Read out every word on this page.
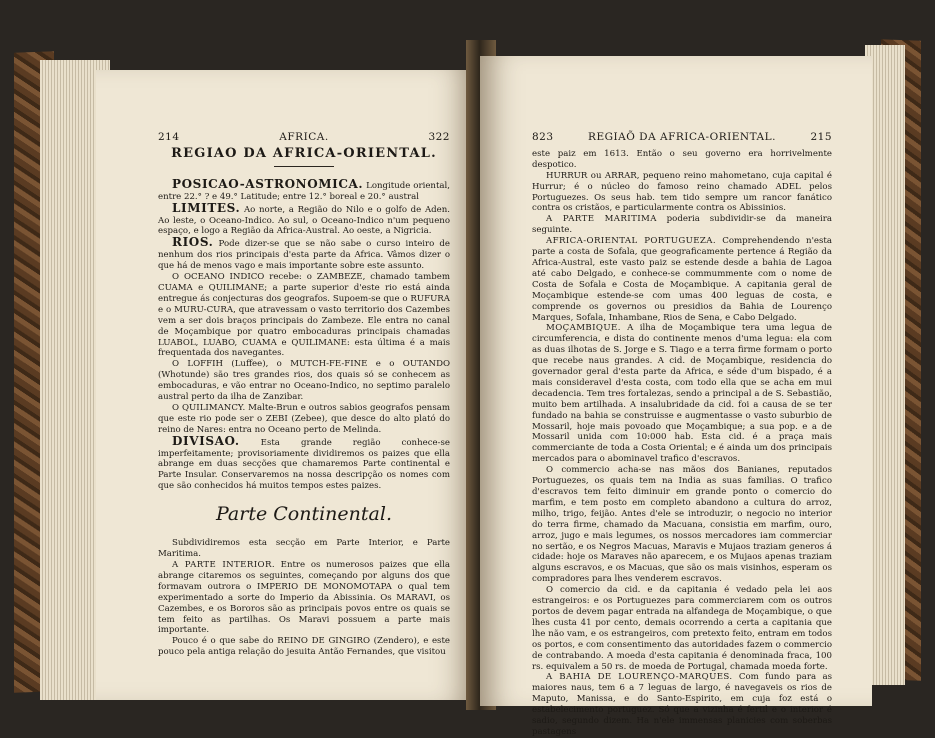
214	AFRICA.	322
REGIAO DA AFRICA-ORIENTAL.

POSICAO-ASTRONOMICA. Longitude oriental, entre 22.° ? e 49.° Latitude; entre 12.° boreal e 20.° austral

LIMITES. Ao norte, a Região do Nilo e o golfo de Aden. Ao leste, o Oceano-Indico. Ao sul, o Oceano-Indico n'um pequeno espaço, e logo a Região da Africa-Austral. Ao oeste, a Nigricia.

RIOS. Pode dizer-se que se não sabe o curso inteiro de nenhum dos rios principais d'esta parte da Africa. Vâmos dizer o que há de menos vago e mais importante sobre este assunto.

O OCEANO INDICO recebe: o ZAMBEZE, chamado tambem CUAMA e QUILIMANE; a parte superior d'este rio está ainda entregue ás conjecturas dos geografos. Supoem-se que o RUFURA e o MURU-CURA, que atravessam o vasto territorio dos Cazembes vem a ser dois braços principais do Zambeze. Ele entra no canal de Moçambique por quatro embocaduras principais chamadas LUABOL, LUABO, CUAMA e QUILIMANE: esta última é a mais frequentada dos navegantes.

O LOFFIH (Luffee), o MUTCH-FE-FINE e o OUTANDO (Whotunde) são tres grandes rios, dos quais só se conhecem as embocaduras, e vão entrar no Oceano-Indico, no septimo paralelo austral perto da ilha de Zanzibar.

O QUILIMANCY. Malte-Brun e outros sabios geografos pensam que este rio pode ser o ZEBI (Zebee), que desce do alto plató do reino de Nares: entra no Oceano perto de Melinda.

DIVISAO. Esta grande região conhece-se imperfeitamente; provisoriamente dividiremos os paizes que ella abrange em duas secções que chamaremos Parte continental e Parte Insular. Conservaremos na nossa descripção os nomes com que são conhecidos há muitos tempos estes paizes.

Parte Continental.

Subdividiremos esta secção em Parte Interior, e Parte Maritima.

A PARTE INTERIOR. Entre os numerosos paizes que ella abrange citaremos os seguintes, começando por alguns dos que formavam outrora o IMPERIO DE MONOMOTAPA o qual tem experimentado a sorte do Imperio da Abissinia. Os MARAVI, os Cazembes, e os Bororos são as principais povos entre os quais se tem feito as partilhas. Os Maravi possuem a parte mais importante.

Pouco é o que sabe do REINO DE GINGIRO (Zendero), e este pouco pela antiga relação do jesuita Antão Fernandes, que visitou

823	REGIAÕ DA AFRICA-ORIENTAL.	215

este paiz em 1613. Então o seu governo era horrivelmente despotico.

HURRUR ou ARRAR, pequeno reino mahometano, cuja capital é Hurrur; é o núcleo do famoso reino chamado ADEL pelos Portuguezes. Os seus hab. tem tido sempre um rancor fanático contra os cristãos, e particularmente contra os Abissinios.

A PARTE MARITIMA poderia subdividir-se da maneira seguinte.

AFRICA-ORIENTAL PORTUGUEZA. Comprehendendo n'esta parte a costa de Sofala, que geograficamente pertence á Região da Africa-Austral, este vasto paiz se estende desde a bahia de Lagoa até cabo Delgado, e conhece-se commummente com o nome de Costa de Sofala e Costa de Moçambique. A capitania geral de Moçambique estende-se com umas 400 leguas de costa, e comprende os governos ou presidios da Bahia de Lourenço Marques, Sofala, Inhambane, Rios de Sena, e Cabo Delgado.

MOÇAMBIQUE. A ilha de Moçambique tera uma legua de circumferencia, e dista do continente menos d'uma legua: ela com as duas ilhotas de S. Jorge e S. Tiago e a terra firme formam o porto que recebe naus grandes. A cid. de Moçambique, residencia do governador geral d'esta parte da Africa, e séde d'um bispado, é a mais consideravel d'esta costa, com todo ella que se acha em mui decadencia. Tem tres fortalezas, sendo a principal a de S. Sebastião, muito bem artilhada. A insalubridade da cid. foi a causa de se ter fundado na bahia se construisse e augmentasse o vasto suburbio de Mossaril, hoje mais povoado que Moçambique; a sua pop. e a de Mossaril unida com 10:000 hab. Esta cid. é a praça mais commerciante de toda a Costa Oriental; e é ainda um dos principais mercados para o abominavel trafico d'escravos.

O commercio acha-se nas mãos dos Banianes, reputados Portuguezes, os quais tem na India as suas familias. O trafico d'escravos tem feito diminuir em grande ponto o comercio do marfim, e tem posto em completo abandono a cultura do arroz, milho, trigo, feijão. Antes d'ele se introduzir, o negocio no interior do terra firme, chamado da Macuana, consistia em marfim, ouro, arroz, jugo e mais legumes, os nossos mercadores iam commerciar no sertão, e os Negros Macuas, Maravis e Mujaos traziam generos á cidade: hoje os Maraves não aparecem, e os Mujaos apenas traziam alguns escravos, e os Macuas, que são os mais visinhos, esperam os compradores para lhes venderem escravos.

O comercio da cid. e da capitania é vedado pela lei aos estrangeiros: e os Portuguezes para commerciarem com os outros portos de devem pagar entrada na alfandega de Moçambique, o que lhes custa 41 por cento, demais ocorrendo a certa a capitania que lhe não vam, e os estrangeiros, com pretexto feito, entram em todos os portos, e com consentimento das autoridades fazem o commercio de contrabando. A moeda d'esta capitania é denominada fraca, 100 rs. equivalem a 50 rs. de moeda de Portugal, chamada moeda forte.

A BAHIA DE LOURENÇO-MARQUES. Com fundo para as maiores naus, tem 6 a 7 leguas de largo, é navegaveis os rios de Maputo, Manissa, e do Santo-Espirito, em cuja foz está o estabelecimento portuguez. Só que a vizinha é fertil e o interior é sadio, segundo dizem. Ha n'ele immensas planicies com soberbas pastagens
